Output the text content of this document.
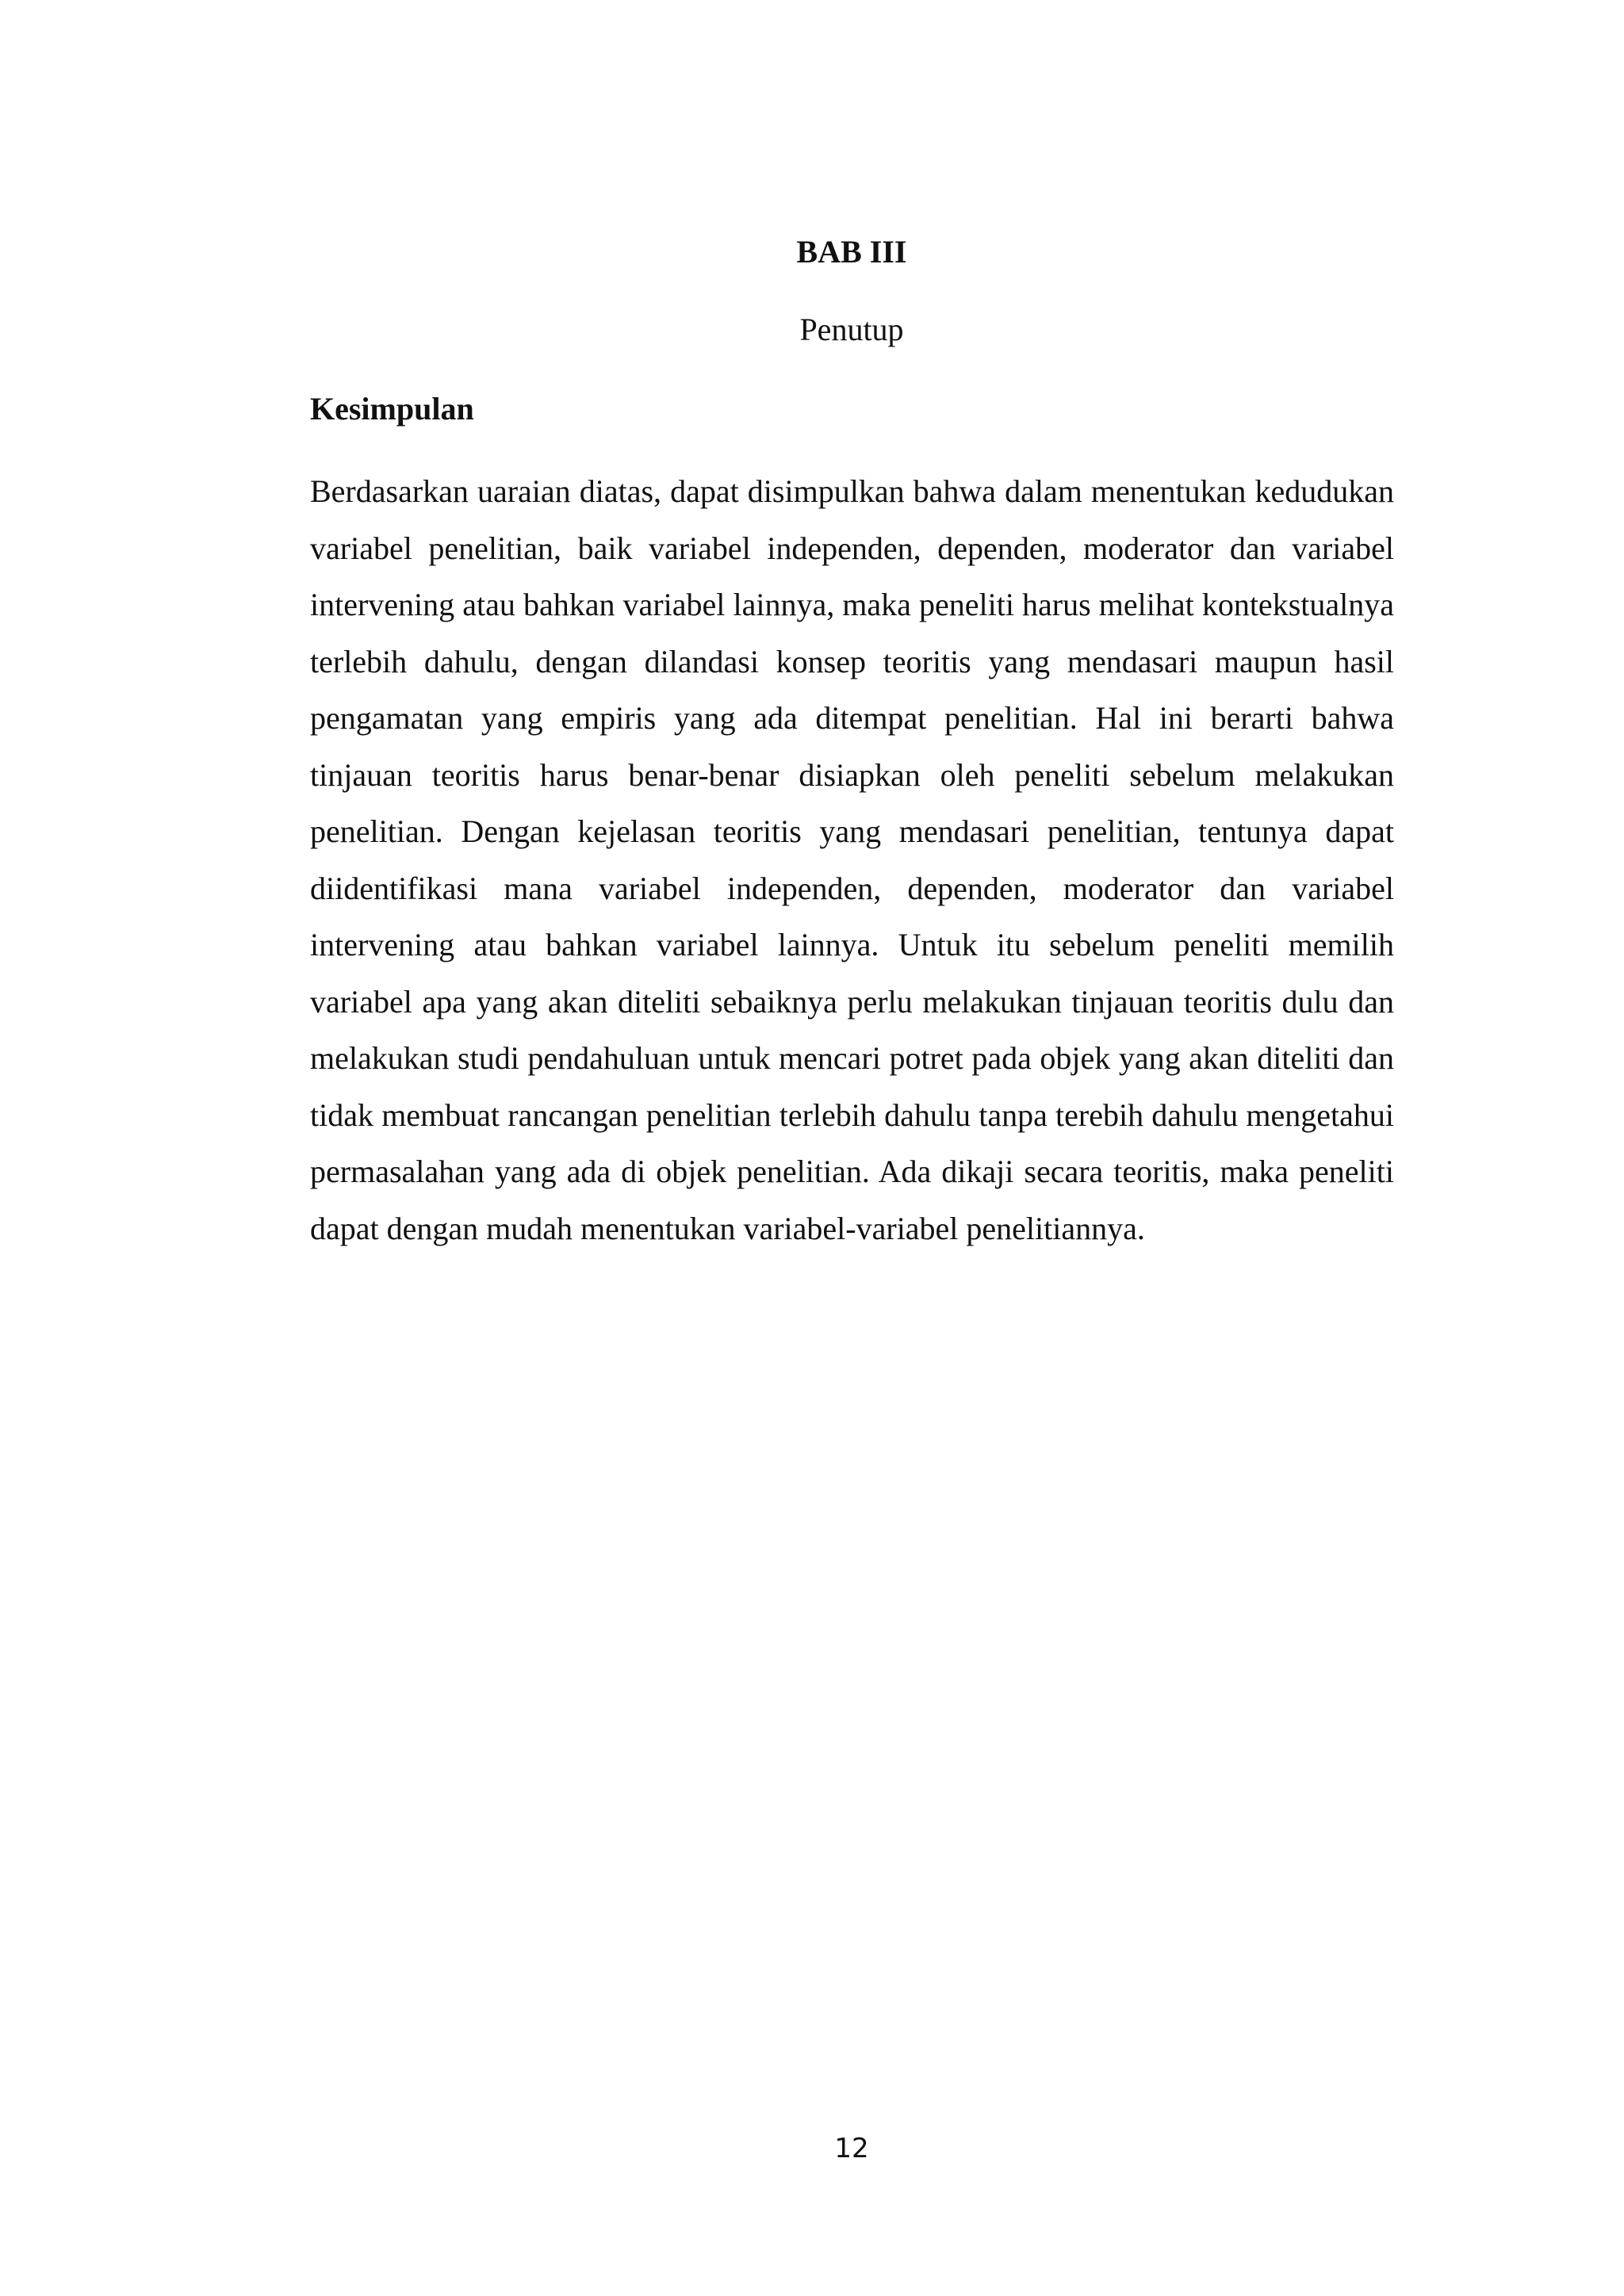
BAB III
Penutup
Kesimpulan

Berdasarkan uaraian diatas, dapat disimpulkan bahwa dalam menentukan kedudukan variabel penelitian, baik variabel independen, dependen, moderator dan variabel intervening atau bahkan variabel lainnya, maka peneliti harus melihat kontekstualnya terlebih dahulu, dengan dilandasi konsep teoritis yang mendasari maupun hasil pengamatan yang empiris yang ada ditempat penelitian. Hal ini berarti bahwa tinjauan teoritis harus benar-benar disiapkan oleh peneliti sebelum melakukan penelitian. Dengan kejelasan teoritis yang mendasari penelitian, tentunya dapat diidentifikasi mana variabel independen, dependen, moderator dan variabel intervening atau bahkan variabel lainnya. Untuk itu sebelum peneliti memilih variabel apa yang akan diteliti sebaiknya perlu melakukan tinjauan teoritis dulu dan melakukan studi pendahuluan untuk mencari potret pada objek yang akan diteliti dan tidak membuat rancangan penelitian terlebih dahulu tanpa terebih dahulu mengetahui permasalahan yang ada di objek penelitian. Ada dikaji secara teoritis, maka peneliti dapat dengan mudah menentukan variabel-variabel penelitiannya.

12
